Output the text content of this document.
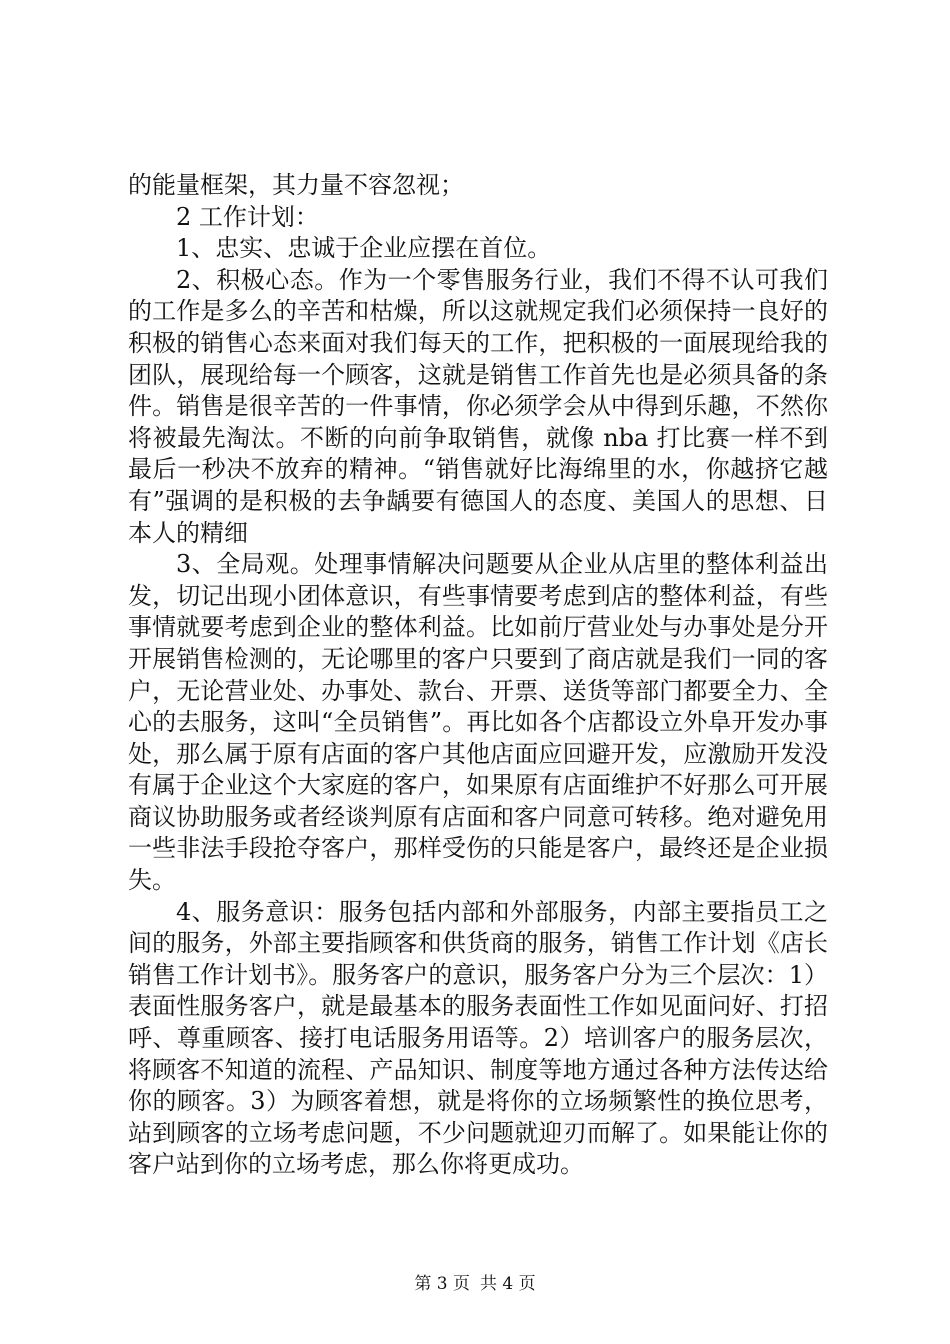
的能量框架，其力量不容忽视；

2 工作计划：

1、忠实、忠诚于企业应摆在首位。

2、积极心态。作为一个零售服务行业，我们不得不认可我们的工作是多么的辛苦和枯燥，所以这就规定我们必须保持一良好的积极的销售心态来面对我们每天的工作，把积极的一面展现给我的团队，展现给每一个顾客，这就是销售工作首先也是必须具备的条件。销售是很辛苦的一件事情，你必须学会从中得到乐趣，不然你将被最先淘汰。不断的向前争取销售，就像 nba 打比赛一样不到最后一秒决不放弃的精神。“销售就好比海绵里的水，你越挤它越有”强调的是积极的去争龋要有德国人的态度、美国人的思想、日本人的精细

3、全局观。处理事情解决问题要从企业从店里的整体利益出发，切记出现小团体意识，有些事情要考虑到店的整体利益，有些事情就要考虑到企业的整体利益。比如前厅营业处与办事处是分开开展销售检测的，无论哪里的客户只要到了商店就是我们一同的客户，无论营业处、办事处、款台、开票、送货等部门都要全力、全心的去服务，这叫“全员销售”。再比如各个店都设立外阜开发办事处，那么属于原有店面的客户其他店面应回避开发，应激励开发没有属于企业这个大家庭的客户，如果原有店面维护不好那么可开展商议协助服务或者经谈判原有店面和客户同意可转移。绝对避免用一些非法手段抢夺客户，那样受伤的只能是客户，最终还是企业损失。

4、服务意识：服务包括内部和外部服务，内部主要指员工之间的服务，外部主要指顾客和供货商的服务，销售工作计划《店长销售工作计划书》。服务客户的意识，服务客户分为三个层次：1）表面性服务客户，就是最基本的服务表面性工作如见面问好、打招呼、尊重顾客、接打电话服务用语等。2）培训客户的服务层次，将顾客不知道的流程、产品知识、制度等地方通过各种方法传达给你的顾客。3）为顾客着想，就是将你的立场频繁性的换位思考，站到顾客的立场考虑问题，不少问题就迎刃而解了。如果能让你的客户站到你的立场考虑，那么你将更成功。

第 3 页 共 4 页
